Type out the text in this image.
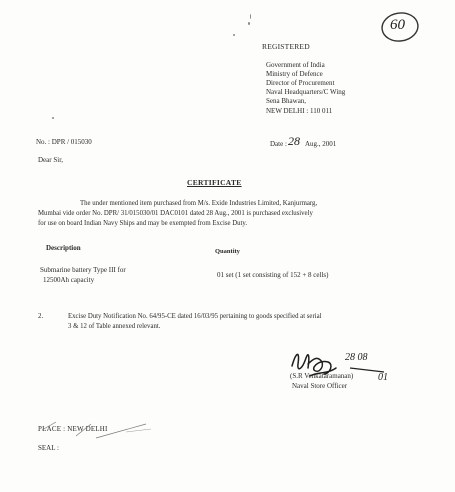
REGISTERED
60
Government of India
Ministry of Defence
Director of Procurement
Naval Headquarters/C Wing
Sena Bhawan,
NEW DELHI : 110 011
No. : DPR / 015030	Date : 28 Aug., 2001
Dear Sir,
CERTIFICATE
The under mentioned item purchased from M/s. Exide Industries Limited, Kanjurmarg,
Mumbai vide order No. DPR/ 31/015030/01 DAC0101 dated 28 Aug., 2001 is purchased exclusively
for use on board Indian Navy Ships and may be exempted from Excise Duty.
Description	Quantity
Submarine battery Type III for
12500Ah capacity
01 set (1 set consisting of 152 + 8 cells)
2.	Excise Duty Notification No. 64/95-CE dated 16/03/95 pertaining to goods specified at serial
3 & 12 of Table annexed relevant.
28 08
01
(S.R Venkataramanan)
Naval Store Officer
PLACE : NEW DELHI
SEAL :
